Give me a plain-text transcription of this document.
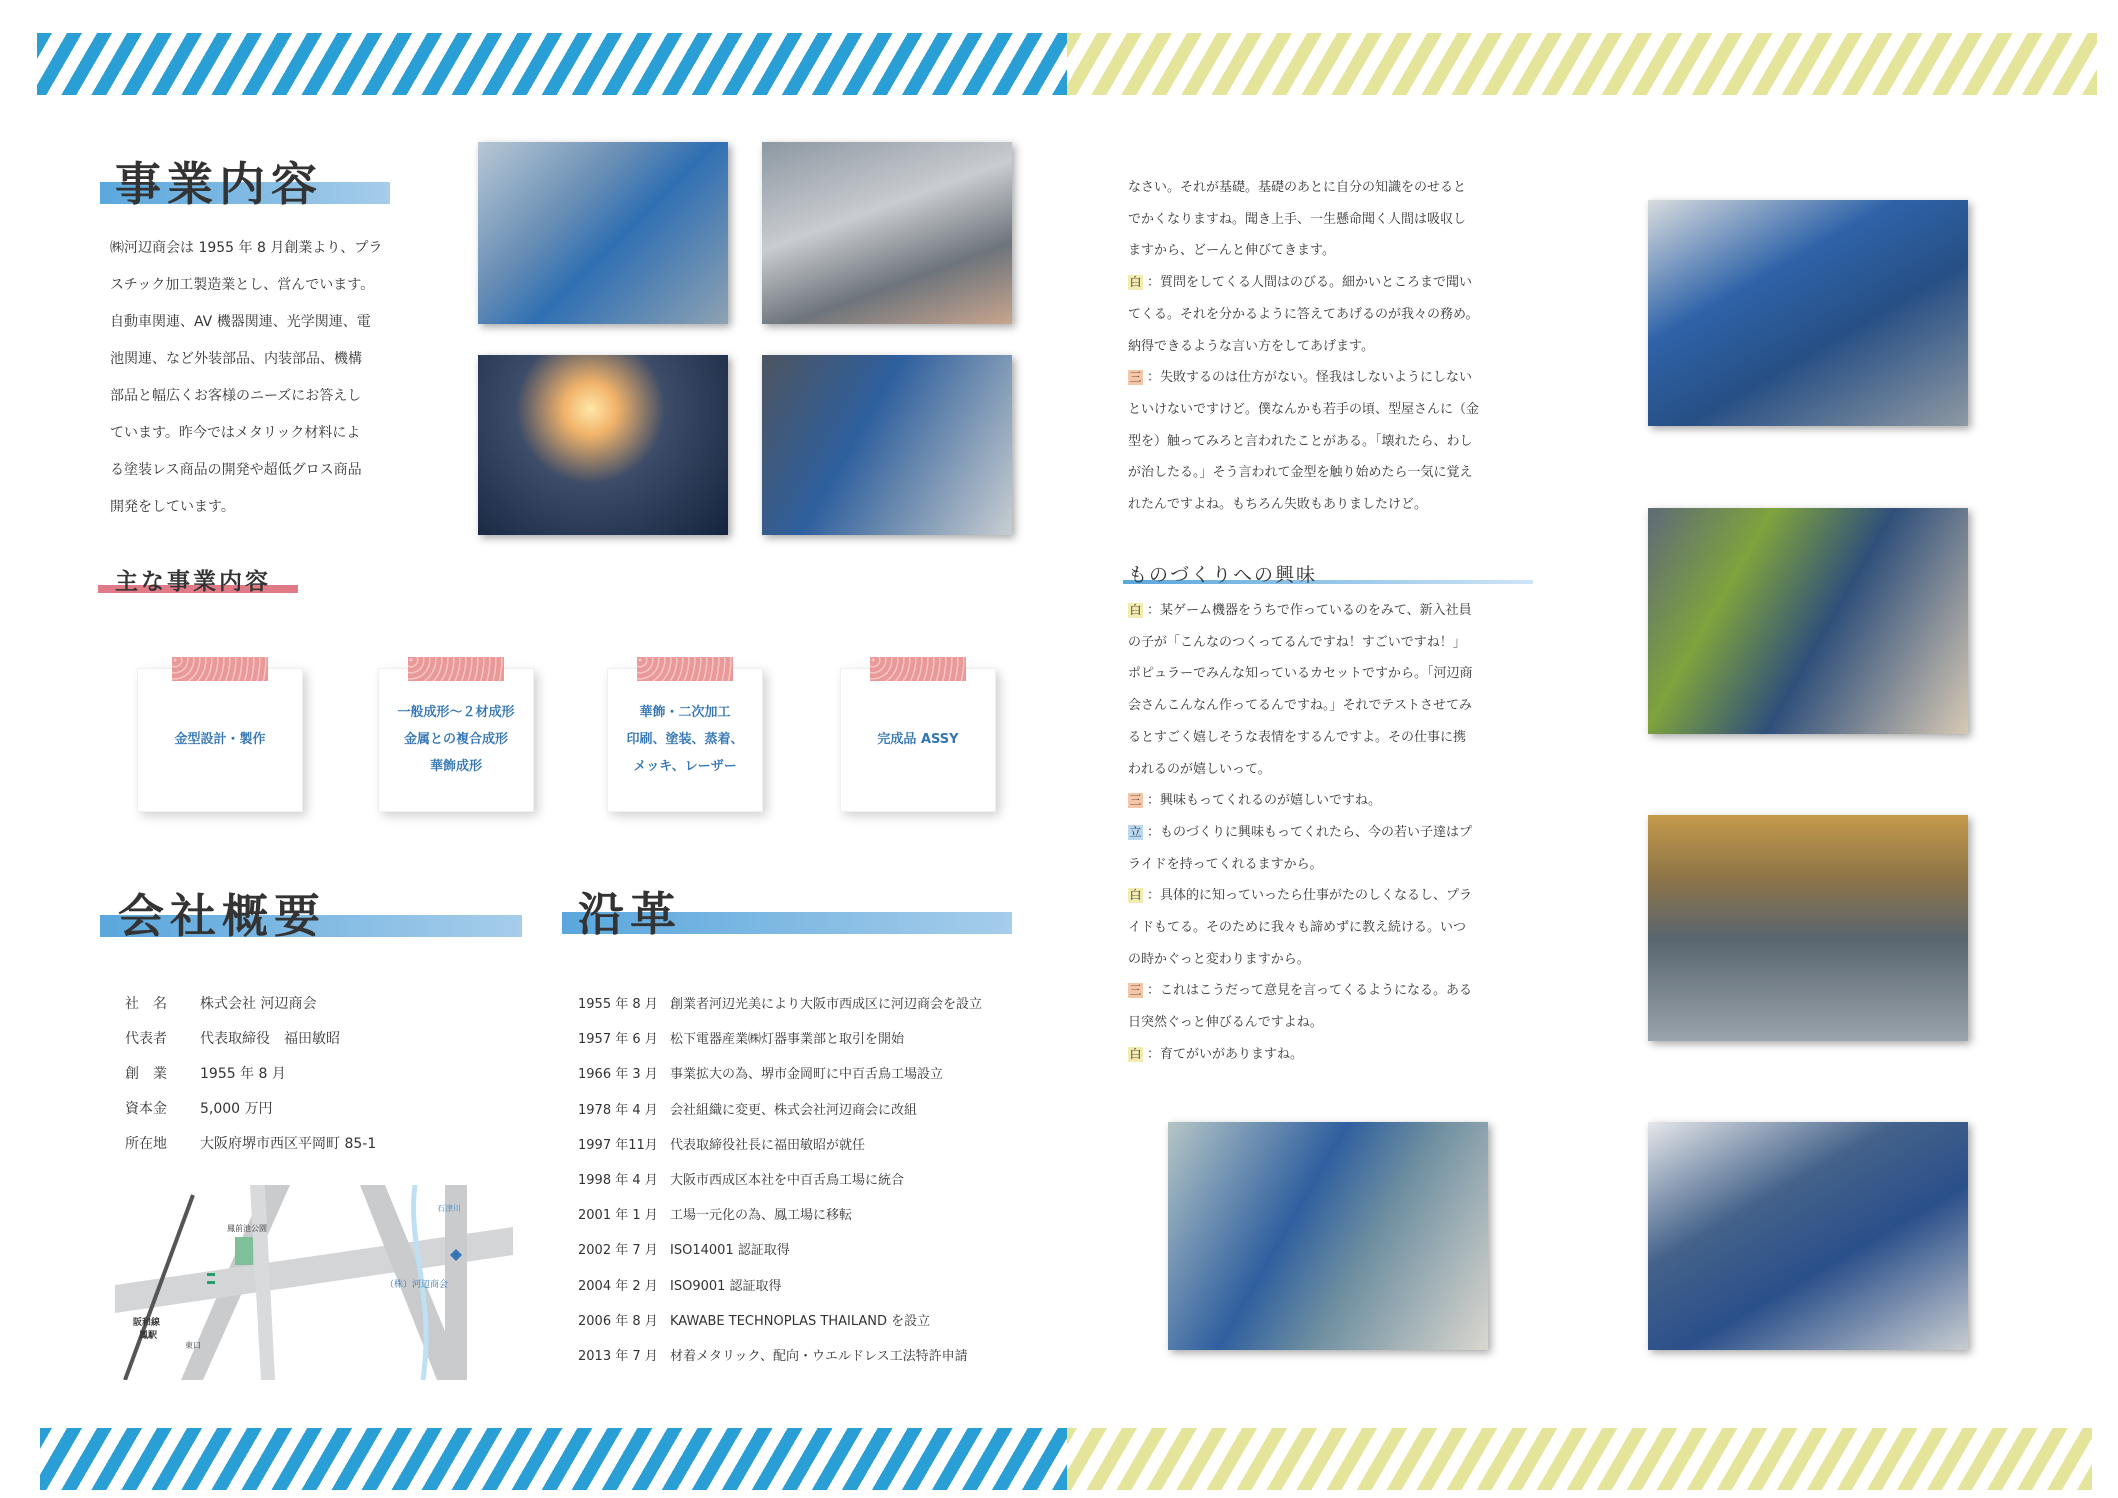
事業内容
㈱河辺商会は 1955 年 8 月創業より、プラ
スチック加工製造業とし、営んでいます。
自動車関連、AV 機器関連、光学関連、電
池関連、など外装部品、内装部品、機構
部品と幅広くお客様のニーズにお答えし
ています。昨今ではメタリック材料によ
る塗装レス商品の開発や超低グロス商品
開発をしています。
主な事業内容
金型設計・製作
一般成形～２材成形
金属との複合成形
華飾成形
華飾・二次加工
印刷、塗装、蒸着、
メッキ、レーザー
完成品 ASSY
会社概要
社　名	株式会社 河辺商会
代表者	代表取締役　福田敏昭
創　業	1955 年 8 月
資本金	5,000 万円
所在地	大阪府堺市西区平岡町 85-1
鳳前池公園
石津川
（株）河辺商会
阪和線
鳳駅
東口
沿革
1955 年 8 月 創業者河辺光美により大阪市西成区に河辺商会を設立
1957 年 6 月 松下電器産業㈱灯器事業部と取引を開始
1966 年 3 月 事業拡大の為、堺市金岡町に中百舌鳥工場設立
1978 年 4 月 会社組織に変更、株式会社河辺商会に改組
1997 年11月 代表取締役社長に福田敏昭が就任
1998 年 4 月 大阪市西成区本社を中百舌鳥工場に統合
2001 年 1 月 工場一元化の為、鳳工場に移転
2002 年 7 月 ISO14001 認証取得
2004 年 2 月 ISO9001 認証取得
2006 年 8 月 KAWABE TECHNOPLAS THAILAND を設立
2013 年 7 月 材着メタリック、配向・ウエルドレス工法特許申請
なさい。それが基礎。基礎のあとに自分の知識をのせると
でかくなりますね。聞き上手、一生懸命聞く人間は吸収し
ますから、どーんと伸びてきます。
白 ：質問をしてくる人間はのびる。細かいところまで聞い
てくる。それを分かるように答えてあげるのが我々の務め。
納得できるような言い方をしてあげます。
三 ：失敗するのは仕方がない。怪我はしないようにしない
といけないですけど。僕なんかも若手の頃、型屋さんに（金
型を）触ってみろと言われたことがある。「壊れたら、わし
が治したる。」そう言われて金型を触り始めたら一気に覚え
れたんですよね。もちろん失敗もありましたけど。
ものづくりへの興味
白 ：某ゲーム機器をうちで作っているのをみて、新入社員
の子が「こんなのつくってるんですね！すごいですね！」
ポピュラーでみんな知っているカセットですから。「河辺商
会さんこんなん作ってるんですね。」それでテストさせてみ
るとすごく嬉しそうな表情をするんですよ。その仕事に携
われるのが嬉しいって。
三 ：興味もってくれるのが嬉しいですね。
立 ：ものづくりに興味もってくれたら、今の若い子達はプ
ライドを持ってくれるますから。
白 ：具体的に知っていったら仕事がたのしくなるし、プラ
イドもてる。そのために我々も諦めずに教え続ける。いつ
の時かぐっと変わりますから。
三 ：これはこうだって意見を言ってくるようになる。ある
日突然ぐっと伸びるんですよね。
白 ：育てがいがありますね。
